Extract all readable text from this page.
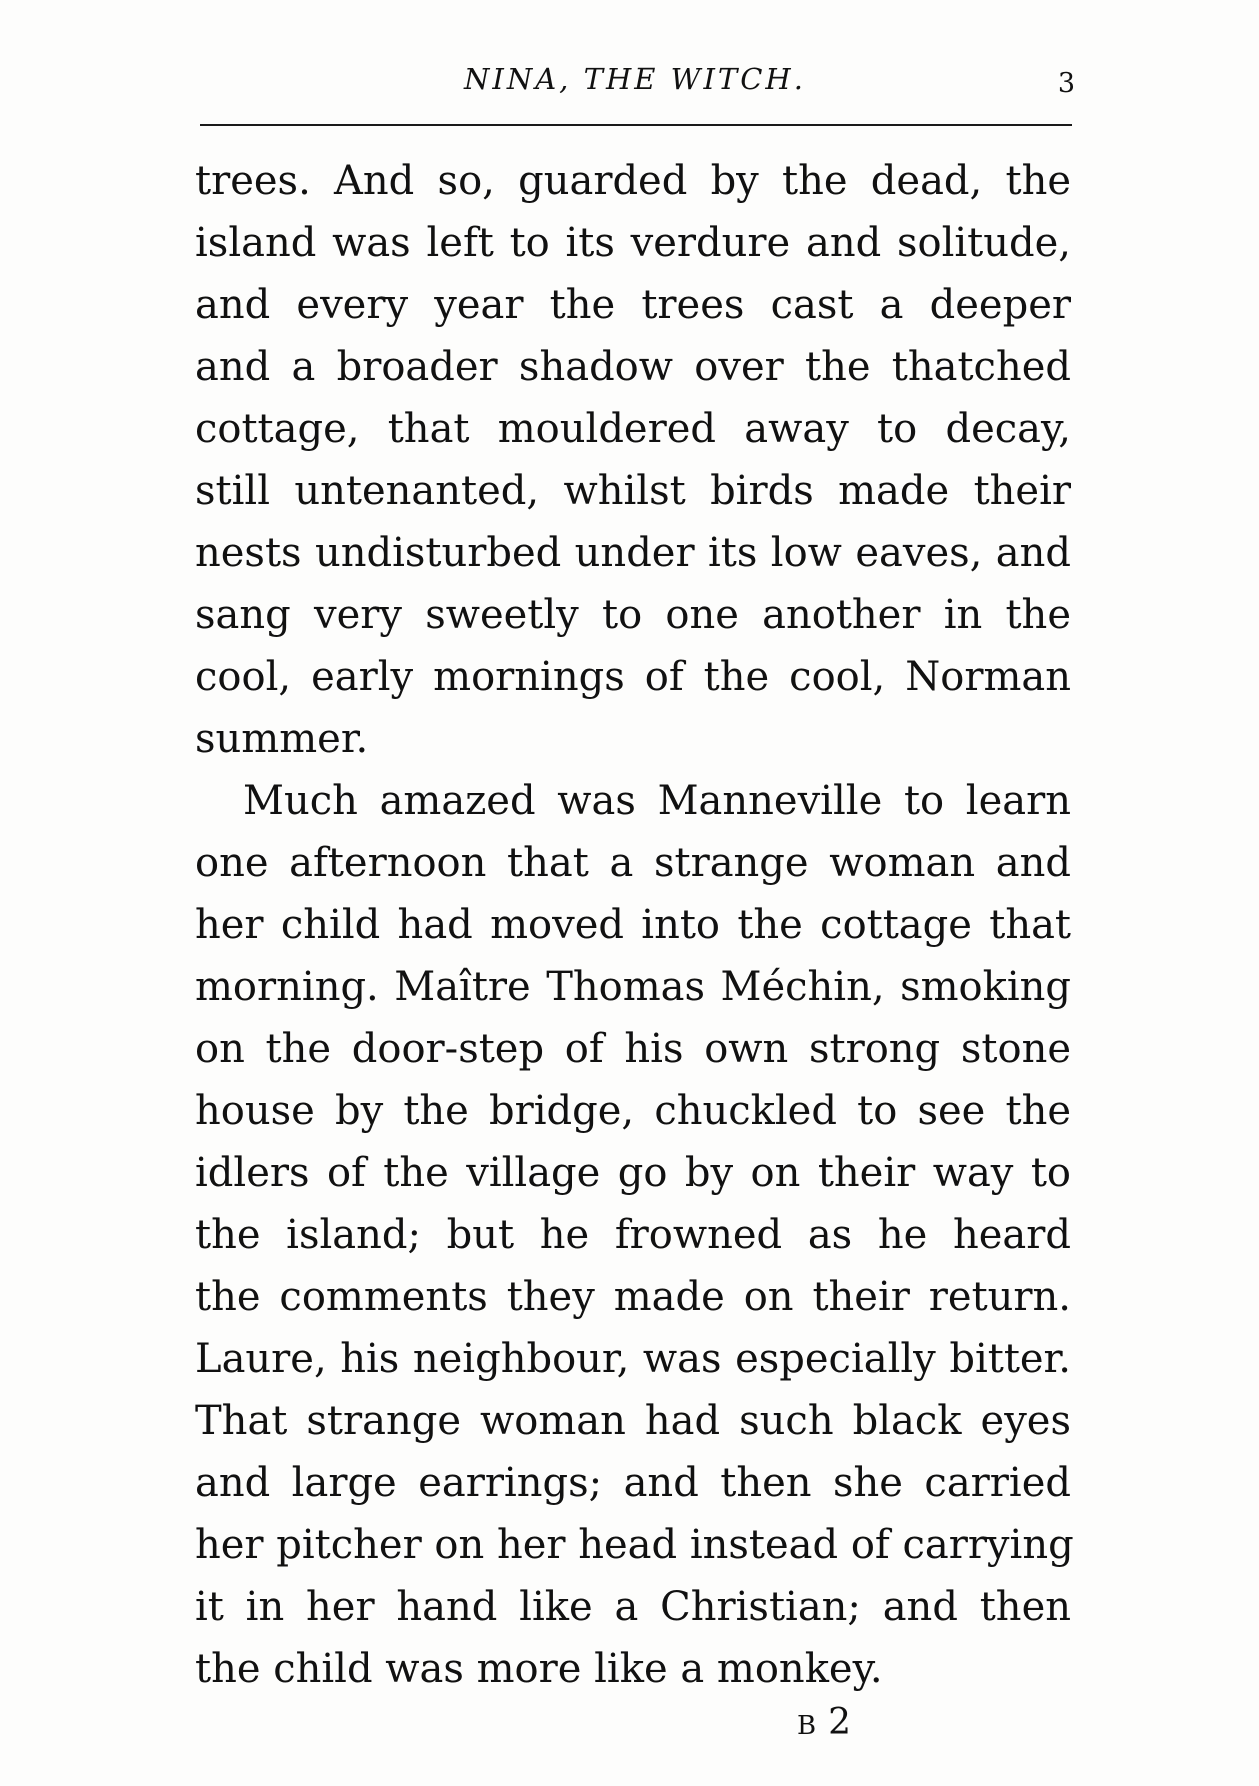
NINA, THE WITCH.	3
trees. And so, guarded by the dead, the
island was left to its verdure and solitude,
and every year the trees cast a deeper
and a broader shadow over the thatched
cottage, that mouldered away to decay,
still untenanted, whilst birds made their
nests undisturbed under its low eaves, and
sang very sweetly to one another in the
cool, early mornings of the cool, Norman
summer.
Much amazed was Manneville to learn
one afternoon that a strange woman and
her child had moved into the cottage that
morning. Maître Thomas Méchin, smoking
on the door-step of his own strong stone
house by the bridge, chuckled to see the
idlers of the village go by on their way to
the island; but he frowned as he heard
the comments they made on their return.
Laure, his neighbour, was especially bitter.
That strange woman had such black eyes
and large earrings; and then she carried
her pitcher on her head instead of carrying
it in her hand like a Christian; and then
the child was more like a monkey.
B 2
